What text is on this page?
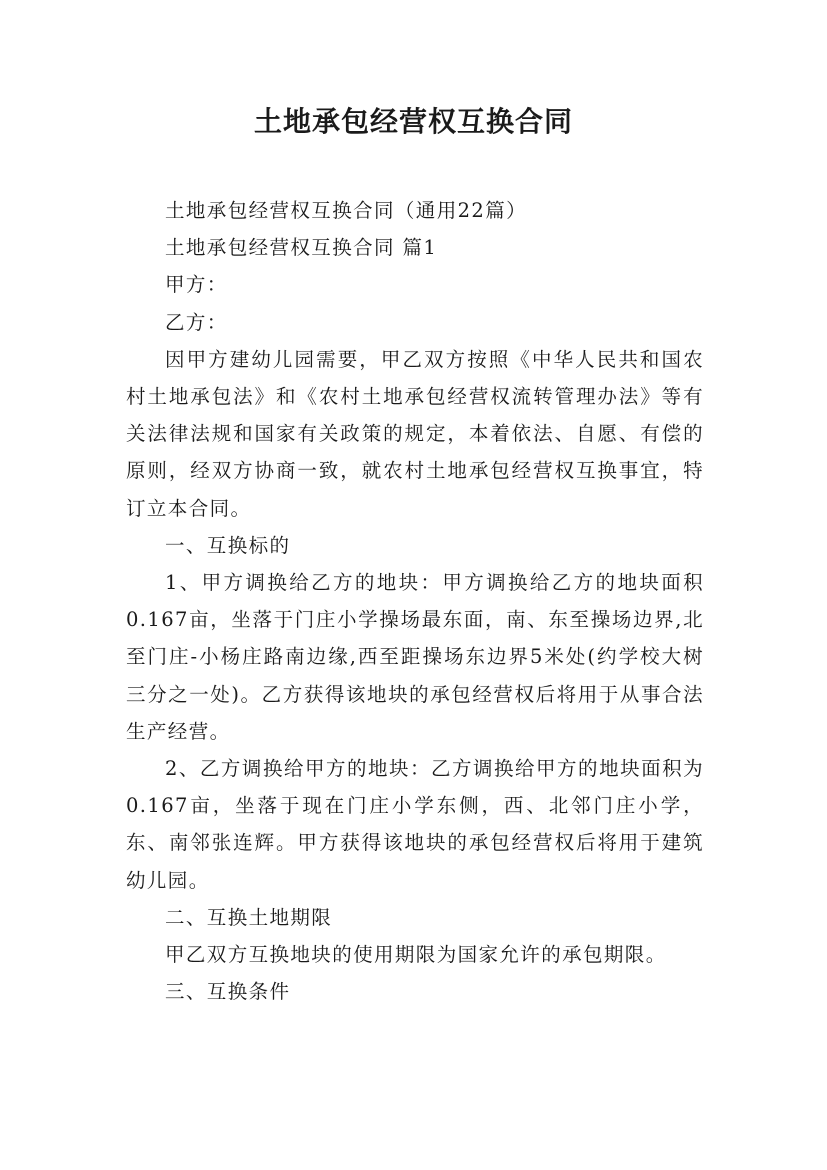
土地承包经营权互换合同

土地承包经营权互换合同（通用22篇）

土地承包经营权互换合同 篇1

甲方：

乙方：

因甲方建幼儿园需要，甲乙双方按照《中华人民共和国农村土地承包法》和《农村土地承包经营权流转管理办法》等有关法律法规和国家有关政策的规定，本着依法、自愿、有偿的原则，经双方协商一致，就农村土地承包经营权互换事宜，特订立本合同。

一、互换标的

1、甲方调换给乙方的地块：甲方调换给乙方的地块面积0.167亩，坐落于门庄小学操场最东面，南、东至操场边界,北至门庄-小杨庄路南边缘,西至距操场东边界5米处(约学校大树三分之一处)。乙方获得该地块的承包经营权后将用于从事合法生产经营。

2、乙方调换给甲方的地块：乙方调换给甲方的地块面积为0.167亩，坐落于现在门庄小学东侧，西、北邻门庄小学，东、南邻张连辉。甲方获得该地块的承包经营权后将用于建筑幼儿园。

二、互换土地期限

甲乙双方互换地块的使用期限为国家允许的承包期限。

三、互换条件
